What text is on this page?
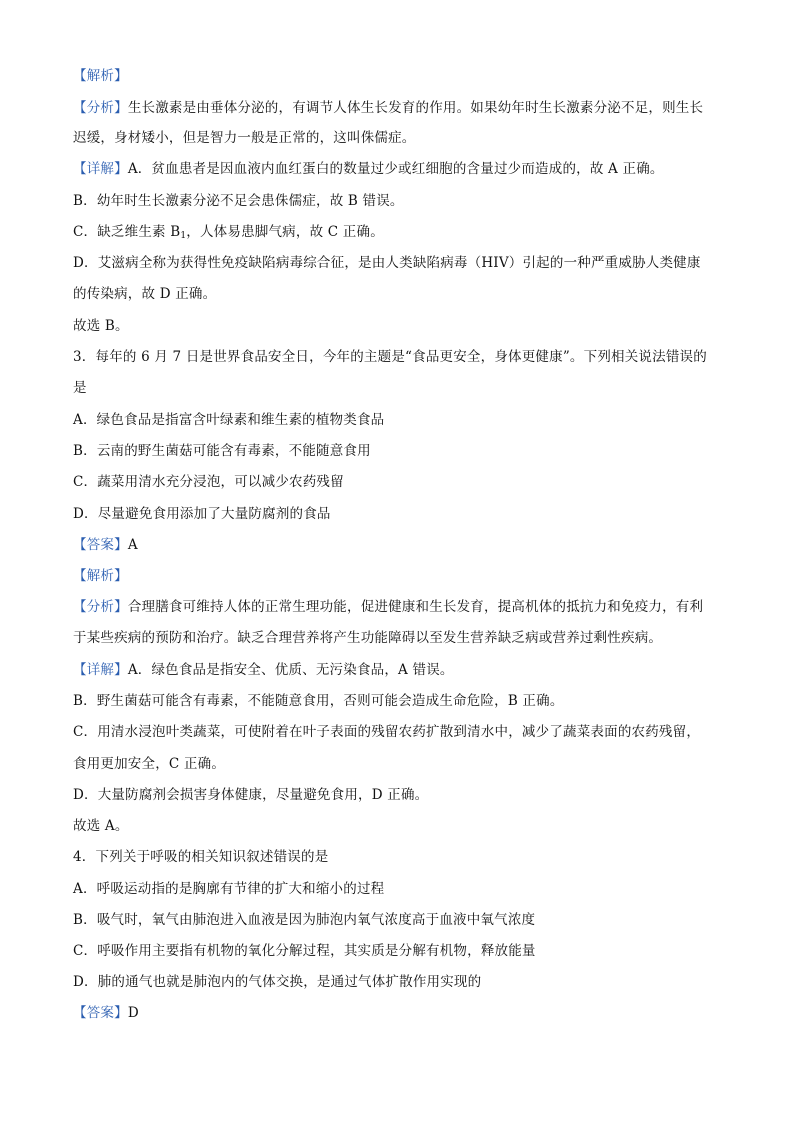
【解析】
【分析】生长激素是由垂体分泌的，有调节人体生长发育的作用。如果幼年时生长激素分泌不足，则生长
迟缓，身材矮小，但是智力一般是正常的，这叫侏儒症。
【详解】A．贫血患者是因血液内血红蛋白的数量过少或红细胞的含量过少而造成的，故 A 正确。
B．幼年时生长激素分泌不足会患侏儒症，故 B 错误。
C．缺乏维生素 $B_1$，人体易患脚气病，故 C 正确。
D．艾滋病全称为获得性免疫缺陷病毒综合征，是由人类缺陷病毒（HIV）引起的一种严重威胁人类健康
的传染病，故 D 正确。
故选 B。
3．每年的 6 月 7 日是世界食品安全日，今年的主题是“食品更安全，身体更健康”。下列相关说法错误的
是
A．绿色食品是指富含叶绿素和维生素的植物类食品
B．云南的野生菌菇可能含有毒素，不能随意食用
C．蔬菜用清水充分浸泡，可以减少农药残留
D．尽量避免食用添加了大量防腐剂的食品
【答案】A
【解析】
【分析】合理膳食可维持人体的正常生理功能，促进健康和生长发育，提高机体的抵抗力和免疫力，有利
于某些疾病的预防和治疗。缺乏合理营养将产生功能障碍以至发生营养缺乏病或营养过剩性疾病。
【详解】A．绿色食品是指安全、优质、无污染食品，A 错误。
B．野生菌菇可能含有毒素，不能随意食用，否则可能会造成生命危险，B 正确。
C．用清水浸泡叶类蔬菜，可使附着在叶子表面的残留农药扩散到清水中，减少了蔬菜表面的农药残留，
食用更加安全，C 正确。
D．大量防腐剂会损害身体健康，尽量避免食用，D 正确。
故选 A。
4．下列关于呼吸的相关知识叙述错误的是
A．呼吸运动指的是胸廓有节律的扩大和缩小的过程
B．吸气时，氧气由肺泡进入血液是因为肺泡内氧气浓度高于血液中氧气浓度
C．呼吸作用主要指有机物的氧化分解过程，其实质是分解有机物，释放能量
D．肺的通气也就是肺泡内的气体交换，是通过气体扩散作用实现的
【答案】D
